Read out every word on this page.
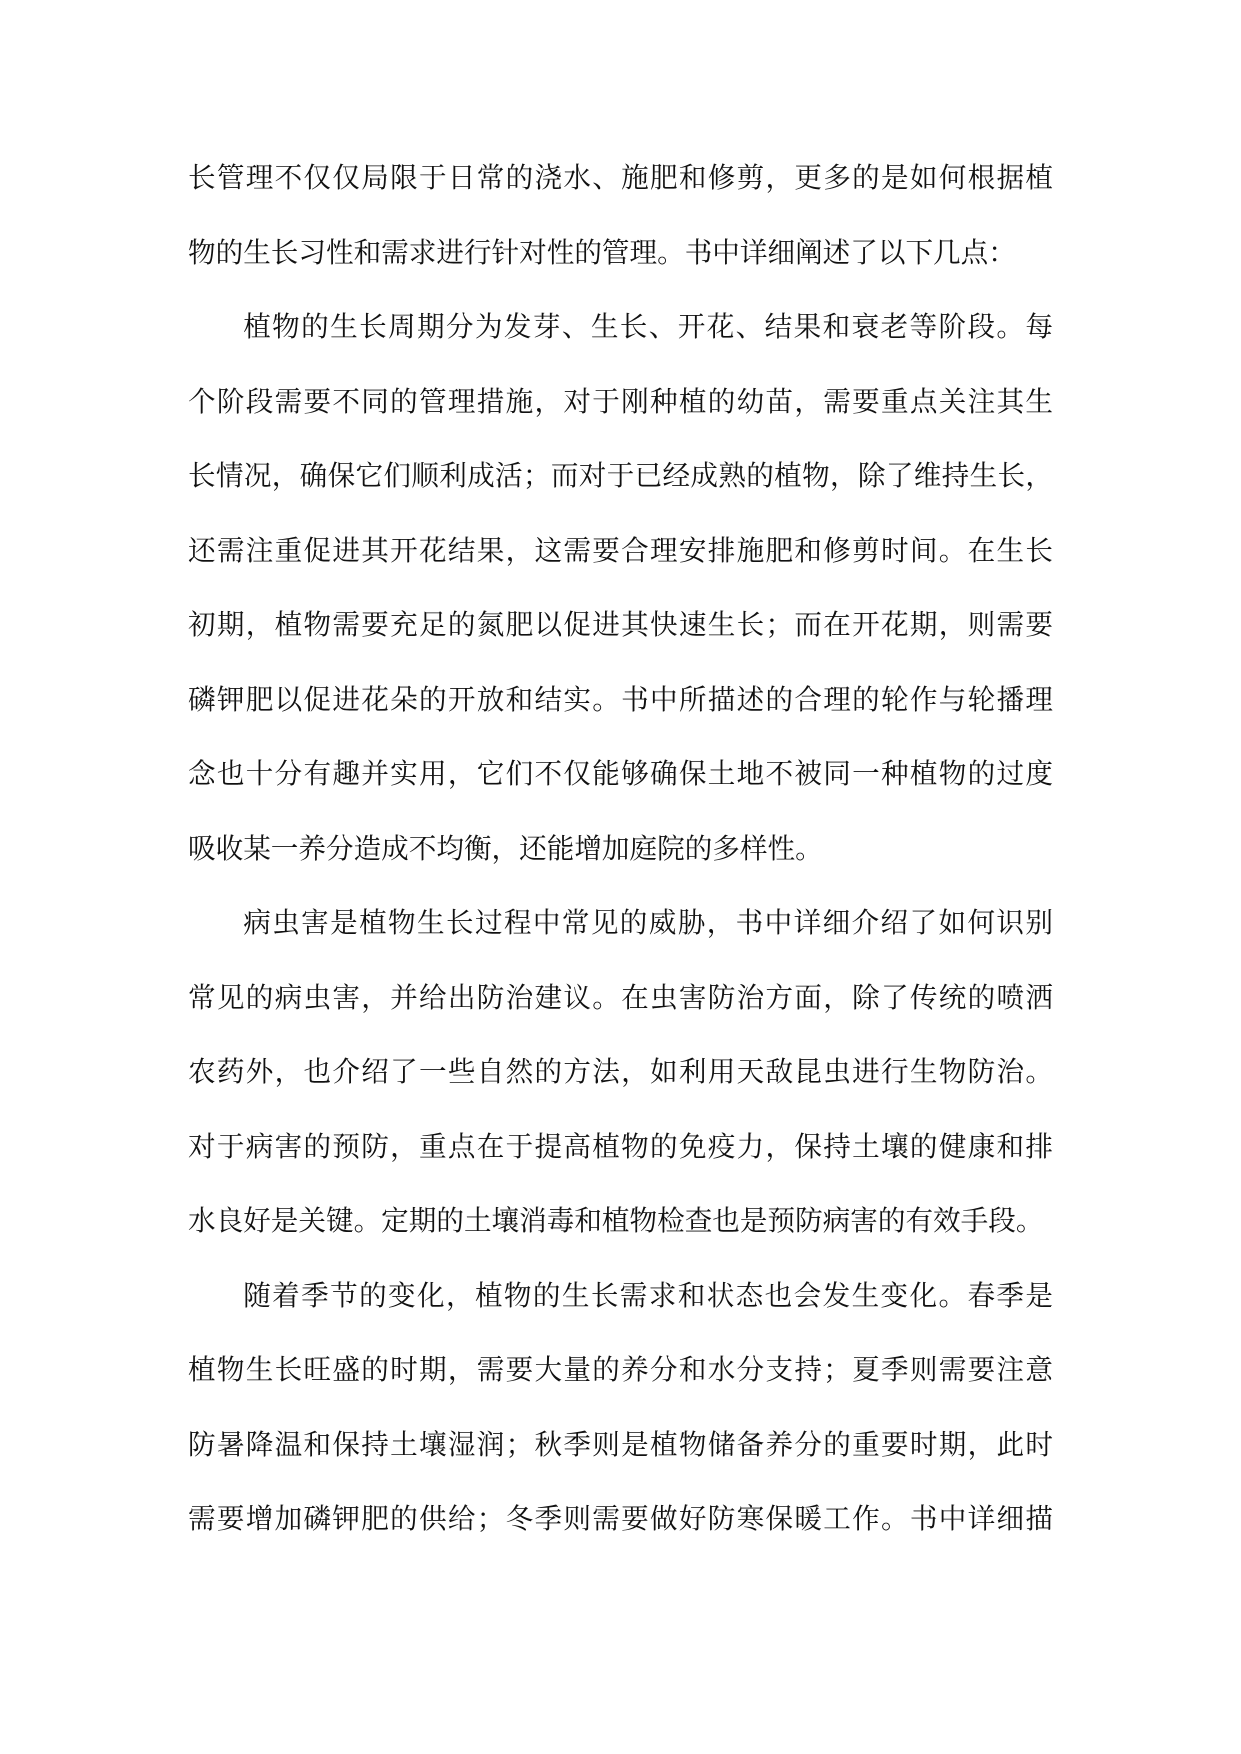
长管理不仅仅局限于日常的浇水、施肥和修剪，更多的是如何根据植
物的生长习性和需求进行针对性的管理。书中详细阐述了以下几点：

植物的生长周期分为发芽、生长、开花、结果和衰老等阶段。每
个阶段需要不同的管理措施，对于刚种植的幼苗，需要重点关注其生
长情况，确保它们顺利成活；而对于已经成熟的植物，除了维持生长，
还需注重促进其开花结果，这需要合理安排施肥和修剪时间。在生长
初期，植物需要充足的氮肥以促进其快速生长；而在开花期，则需要
磷钾肥以促进花朵的开放和结实。书中所描述的合理的轮作与轮播理
念也十分有趣并实用，它们不仅能够确保土地不被同一种植物的过度
吸收某一养分造成不均衡，还能增加庭院的多样性。

病虫害是植物生长过程中常见的威胁，书中详细介绍了如何识别
常见的病虫害，并给出防治建议。在虫害防治方面，除了传统的喷洒
农药外，也介绍了一些自然的方法，如利用天敌昆虫进行生物防治。
对于病害的预防，重点在于提高植物的免疫力，保持土壤的健康和排
水良好是关键。定期的土壤消毒和植物检查也是预防病害的有效手段。

随着季节的变化，植物的生长需求和状态也会发生变化。春季是
植物生长旺盛的时期，需要大量的养分和水分支持；夏季则需要注意
防暑降温和保持土壤湿润；秋季则是植物储备养分的重要时期，此时
需要增加磷钾肥的供给；冬季则需要做好防寒保暖工作。书中详细描
